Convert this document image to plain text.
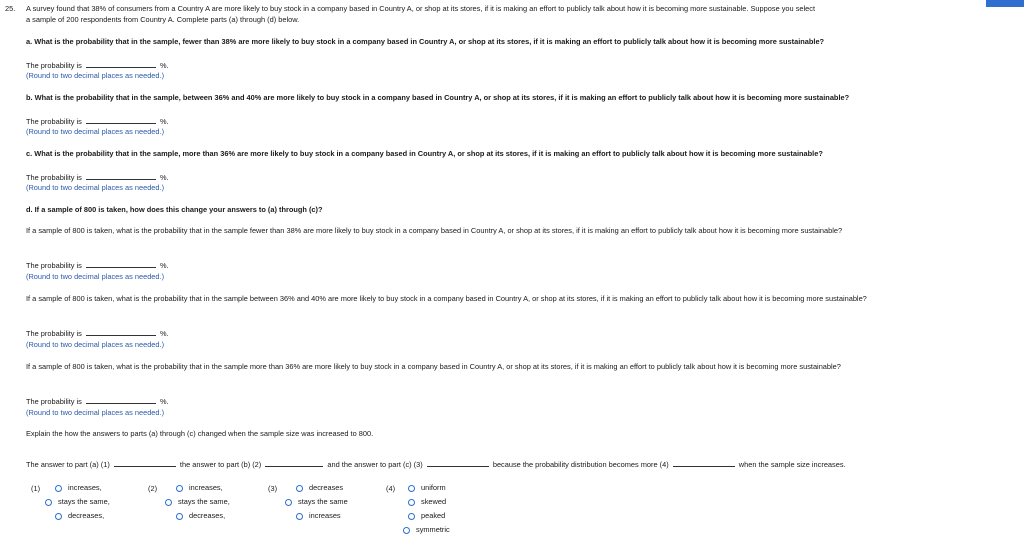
25. A survey found that 38% of consumers from a Country A are more likely to buy stock in a company based in Country A, or shop at its stores, if it is making an effort to publicly talk about how it is becoming more sustainable. Suppose you select
a sample of 200 respondents from Country A. Complete parts (a) through (d) below.
a. What is the probability that in the sample, fewer than 38% are more likely to buy stock in a company based in Country A, or shop at its stores, if it is making an effort to publicly talk about how it is becoming more sustainable?
The probability is	%.
(Round to two decimal places as needed.)
b. What is the probability that in the sample, between 36% and 40% are more likely to buy stock in a company based in Country A, or shop at its stores, if it is making an effort to publicly talk about how it is becoming more sustainable?
The probability is	%.
(Round to two decimal places as needed.)
c. What is the probability that in the sample, more than 36% are more likely to buy stock in a company based in Country A, or shop at its stores, if it is making an effort to publicly talk about how it is becoming more sustainable?
The probability is	%.
(Round to two decimal places as needed.)
d. If a sample of 800 is taken, how does this change your answers to (a) through (c)?
If a sample of 800 is taken, what is the probability that in the sample fewer than 38% are more likely to buy stock in a company based in Country A, or shop at its stores, if it is making an effort to publicly talk about how it is becoming more sustainable?
The probability is	%.
(Round to two decimal places as needed.)
If a sample of 800 is taken, what is the probability that in the sample between 36% and 40% are more likely to buy stock in a company based in Country A, or shop at its stores, if it is making an effort to publicly talk about how it is becoming more sustainable?
The probability is	%.
(Round to two decimal places as needed.)
If a sample of 800 is taken, what is the probability that in the sample more than 36% are more likely to buy stock in a company based in Country A, or shop at its stores, if it is making an effort to publicly talk about how it is becoming more sustainable?
The probability is	%.
(Round to two decimal places as needed.)
Explain the how the answers to parts (a) through (c) changed when the sample size was increased to 800.
The answer to part (a) (1)	the answer to part (b) (2)	and the answer to part (c) (3)	because the probability distribution becomes more (4)	when the sample size increases.
(1)	increases,
stays the same,
decreases,
(2)	increases,
stays the same,
decreases,
(3)	decreases
stays the same
increases
(4)	uniform
skewed
peaked
symmetric
